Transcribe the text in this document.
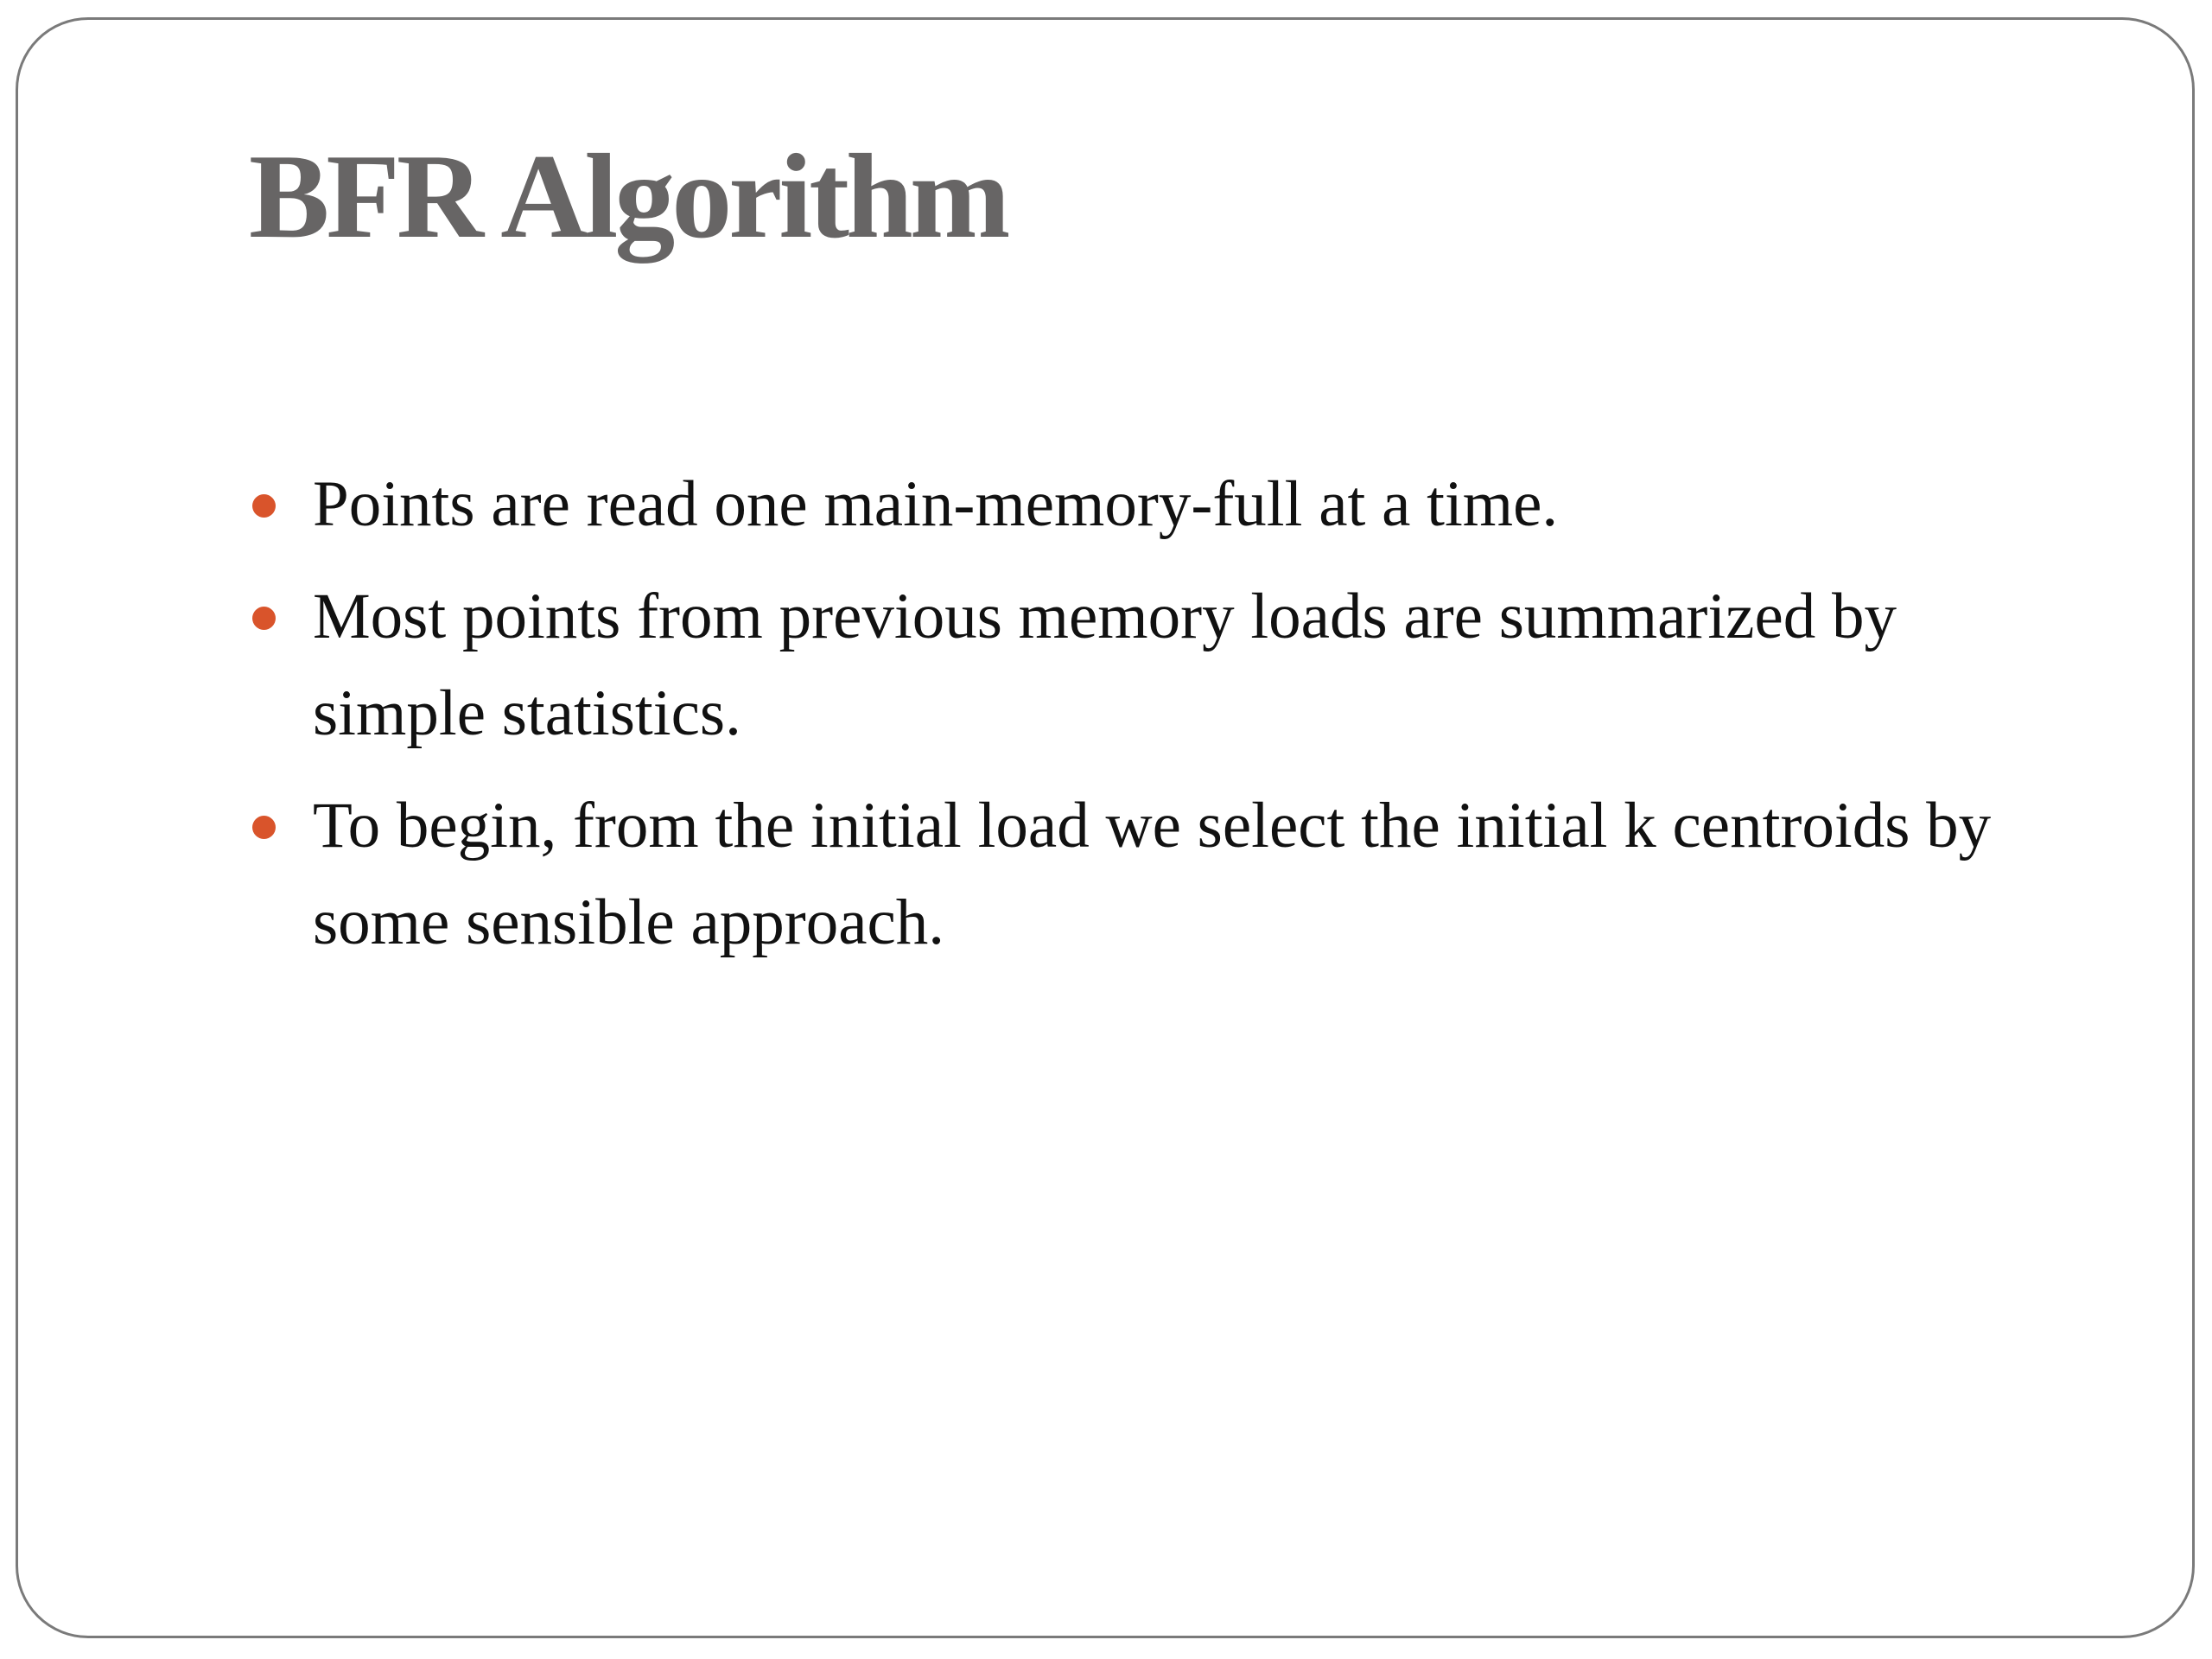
BFR Algorithm
Points are read one main-memory-full at a time.
Most points from previous memory loads are summarized by simple statistics.
To begin, from the initial load we select the initial k centroids by some sensible approach.
